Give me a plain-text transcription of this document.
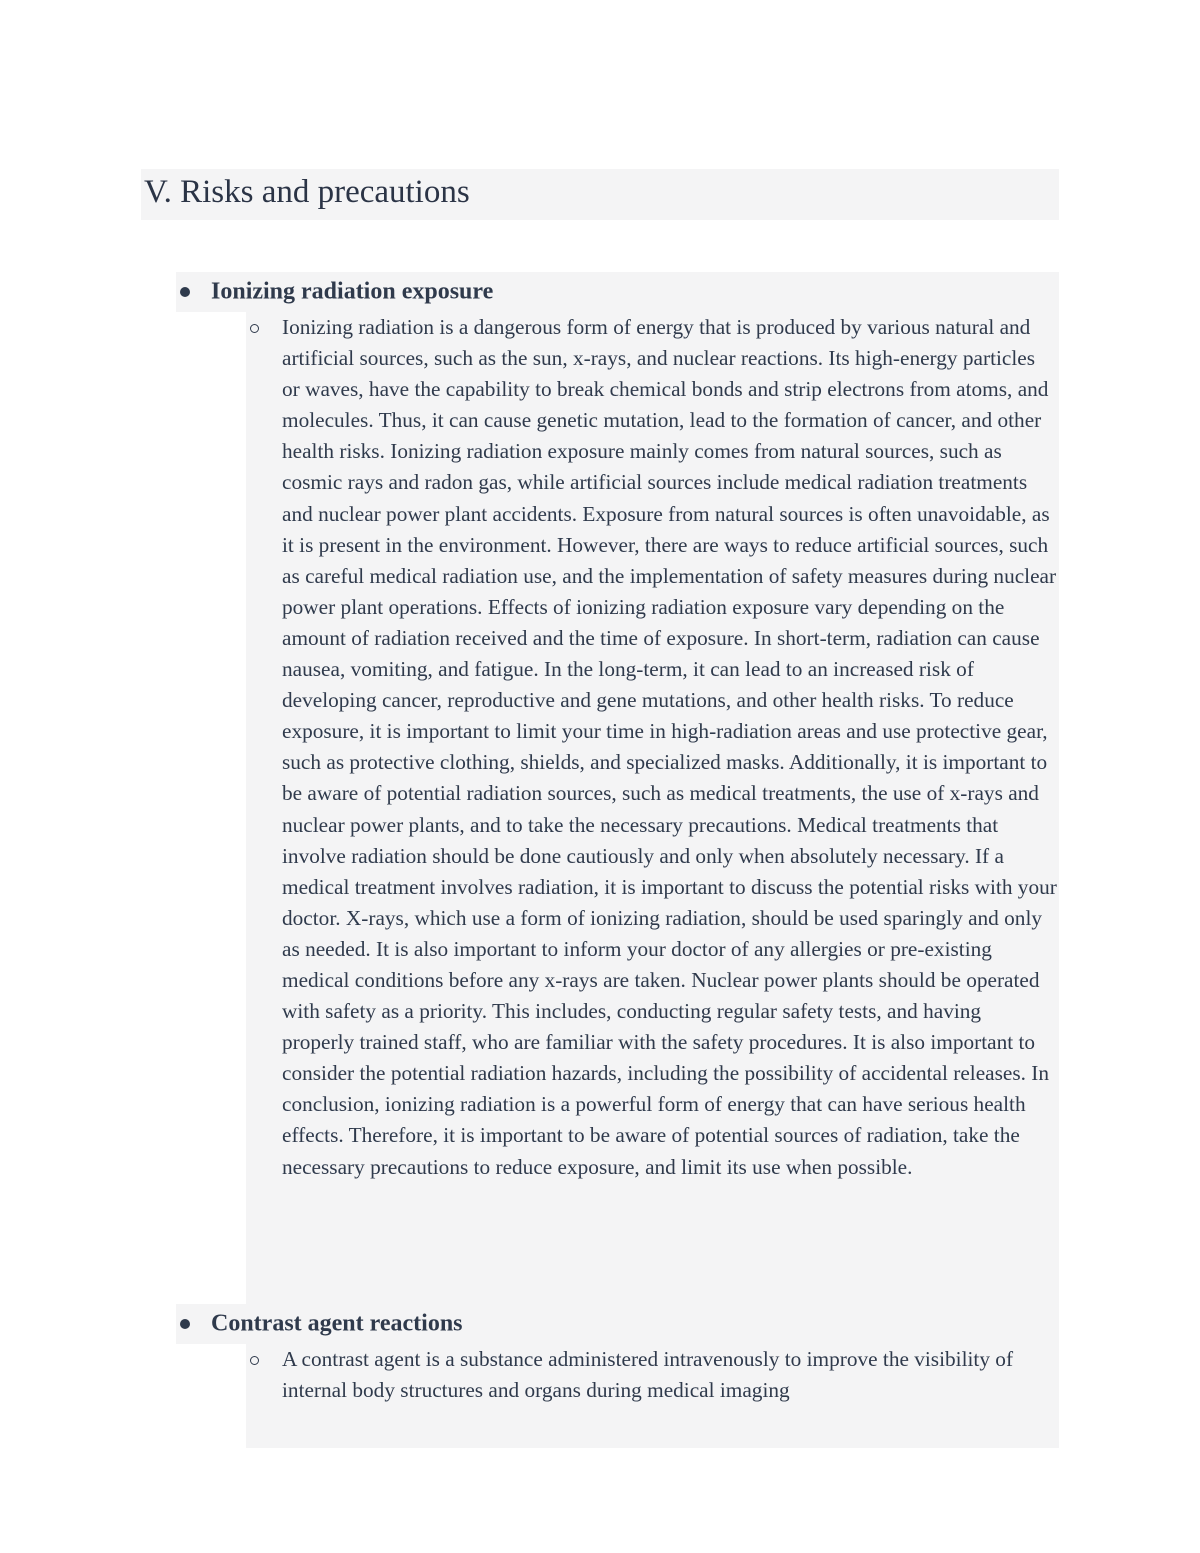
V. Risks and precautions
Ionizing radiation exposure

Ionizing radiation is a dangerous form of energy that is produced by various natural and artificial sources, such as the sun, x-rays, and nuclear reactions. Its high-energy particles or waves, have the capability to break chemical bonds and strip electrons from atoms, and molecules. Thus, it can cause genetic mutation, lead to the formation of cancer, and other health risks. Ionizing radiation exposure mainly comes from natural sources, such as cosmic rays and radon gas, while artificial sources include medical radiation treatments and nuclear power plant accidents. Exposure from natural sources is often unavoidable, as it is present in the environment. However, there are ways to reduce artificial sources, such as careful medical radiation use, and the implementation of safety measures during nuclear power plant operations. Effects of ionizing radiation exposure vary depending on the amount of radiation received and the time of exposure. In short-term, radiation can cause nausea, vomiting, and fatigue. In the long-term, it can lead to an increased risk of developing cancer, reproductive and gene mutations, and other health risks. To reduce exposure, it is important to limit your time in high-radiation areas and use protective gear, such as protective clothing, shields, and specialized masks. Additionally, it is important to be aware of potential radiation sources, such as medical treatments, the use of x-rays and nuclear power plants, and to take the necessary precautions. Medical treatments that involve radiation should be done cautiously and only when absolutely necessary. If a medical treatment involves radiation, it is important to discuss the potential risks with your doctor. X-rays, which use a form of ionizing radiation, should be used sparingly and only as needed. It is also important to inform your doctor of any allergies or pre-existing medical conditions before any x-rays are taken. Nuclear power plants should be operated with safety as a priority. This includes, conducting regular safety tests, and having properly trained staff, who are familiar with the safety procedures. It is also important to consider the potential radiation hazards, including the possibility of accidental releases. In conclusion, ionizing radiation is a powerful form of energy that can have serious health effects. Therefore, it is important to be aware of potential sources of radiation, take the necessary precautions to reduce exposure, and limit its use when possible.

Contrast agent reactions

A contrast agent is a substance administered intravenously to improve the visibility of internal body structures and organs during medical imaging
